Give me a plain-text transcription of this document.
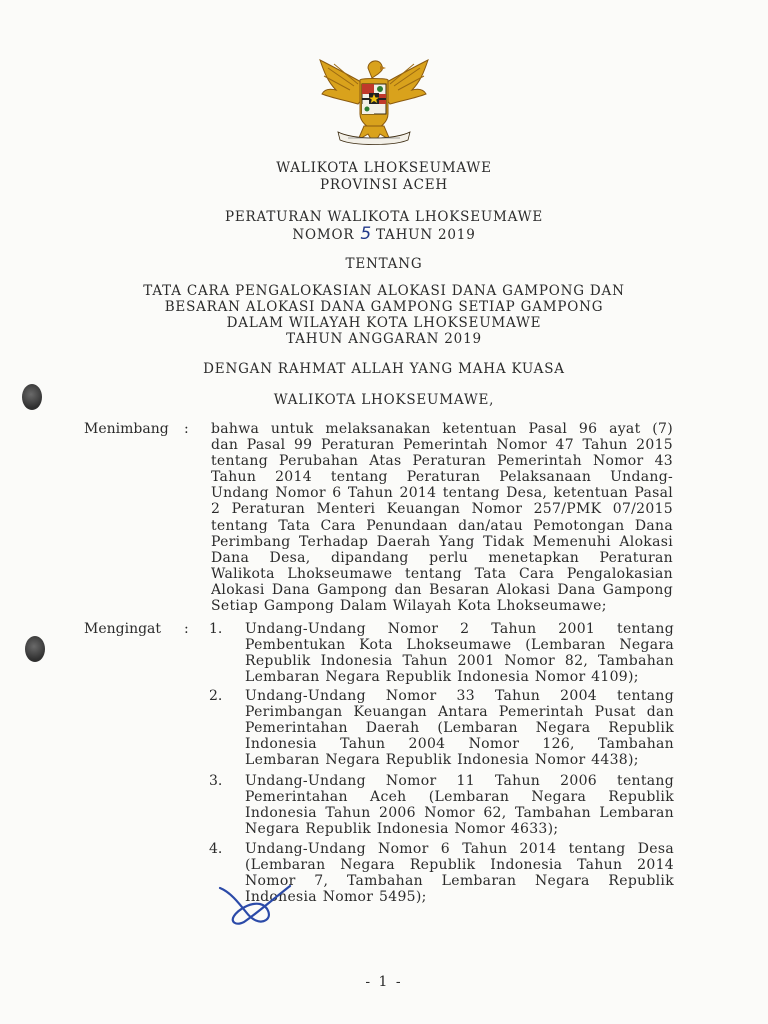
WALIKOTA LHOKSEUMAWE
PROVINSI ACEH
PERATURAN WALIKOTA LHOKSEUMAWE
NOMOR 5 TAHUN 2019
TENTANG
TATA CARA PENGALOKASIAN ALOKASI DANA GAMPONG DAN
BESARAN ALOKASI DANA GAMPONG SETIAP GAMPONG
DALAM WILAYAH KOTA LHOKSEUMAWE
TAHUN ANGGARAN 2019
DENGAN RAHMAT ALLAH YANG MAHA KUASA
WALIKOTA LHOKSEUMAWE,
Menimbang : bahwa untuk melaksanakan ketentuan Pasal 96 ayat (7)
dan Pasal 99 Peraturan Pemerintah Nomor 47 Tahun 2015
tentang Perubahan Atas Peraturan Pemerintah Nomor 43
Tahun 2014 tentang Peraturan Pelaksanaan Undang-
Undang Nomor 6 Tahun 2014 tentang Desa, ketentuan Pasal
2 Peraturan Menteri Keuangan Nomor 257/PMK 07/2015
tentang Tata Cara Penundaan dan/atau Pemotongan Dana
Perimbang Terhadap Daerah Yang Tidak Memenuhi Alokasi
Dana Desa, dipandang perlu menetapkan Peraturan
Walikota Lhokseumawe tentang Tata Cara Pengalokasian
Alokasi Dana Gampong dan Besaran Alokasi Dana Gampong
Setiap Gampong Dalam Wilayah Kota Lhokseumawe;
Mengingat : 1. Undang-Undang Nomor 2 Tahun 2001 tentang
Pembentukan Kota Lhokseumawe (Lembaran Negara
Republik Indonesia Tahun 2001 Nomor 82, Tambahan
Lembaran Negara Republik Indonesia Nomor 4109);
2. Undang-Undang Nomor 33 Tahun 2004 tentang
Perimbangan Keuangan Antara Pemerintah Pusat dan
Pemerintahan Daerah (Lembaran Negara Republik
Indonesia Tahun 2004 Nomor 126, Tambahan
Lembaran Negara Republik Indonesia Nomor 4438);
3. Undang-Undang Nomor 11 Tahun 2006 tentang
Pemerintahan Aceh (Lembaran Negara Republik
Indonesia Tahun 2006 Nomor 62, Tambahan Lembaran
Negara Republik Indonesia Nomor 4633);
4. Undang-Undang Nomor 6 Tahun 2014 tentang Desa
(Lembaran Negara Republik Indonesia Tahun 2014
Nomor 7, Tambahan Lembaran Negara Republik
Indonesia Nomor 5495);
- 1 -
